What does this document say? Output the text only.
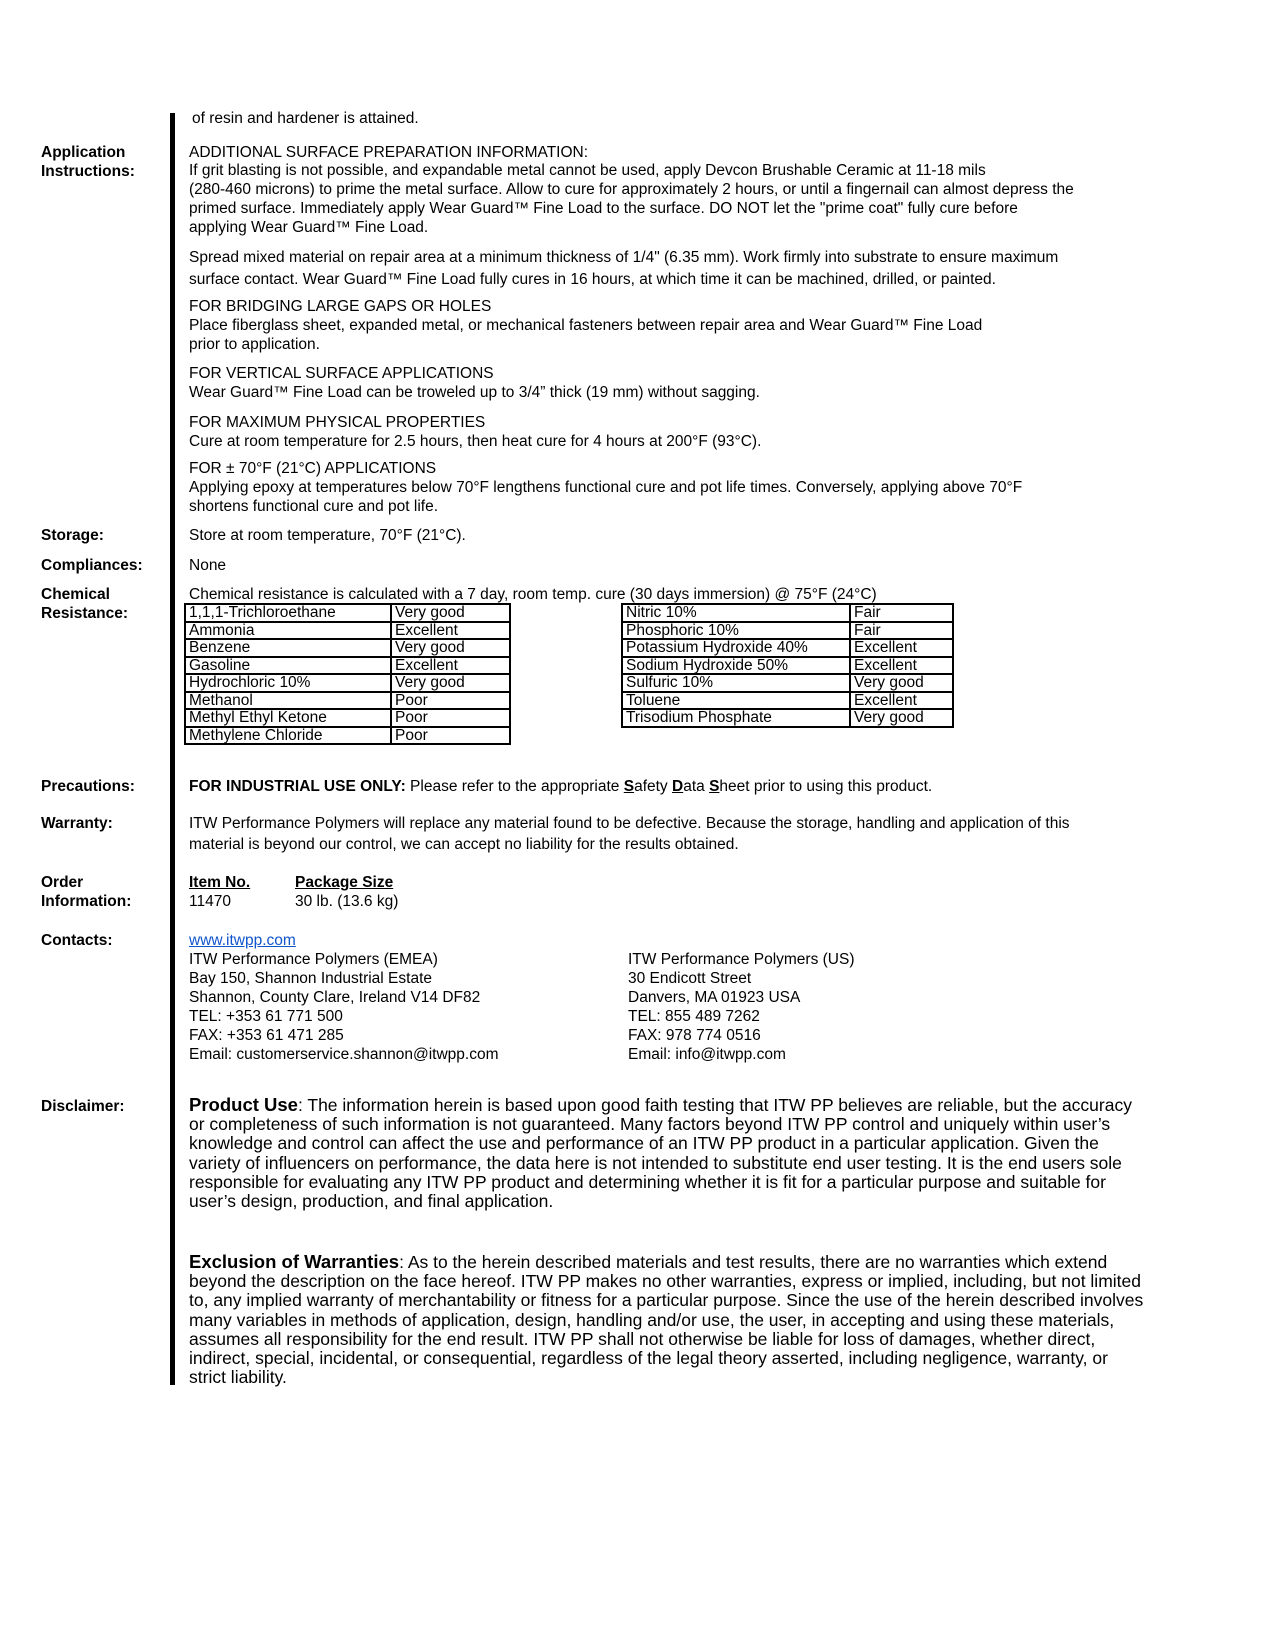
of resin and hardener is attained.
Application
Instructions:
ADDITIONAL SURFACE PREPARATION INFORMATION:
If grit blasting is not possible, and expandable metal cannot be used, apply Devcon Brushable Ceramic at 11-18 mils
(280-460 microns) to prime the metal surface. Allow to cure for approximately 2 hours, or until a fingernail can almost depress the
primed surface. Immediately apply Wear Guard™ Fine Load to the surface. DO NOT let the "prime coat" fully cure before
applying Wear Guard™ Fine Load.
Spread mixed material on repair area at a minimum thickness of 1/4" (6.35 mm). Work firmly into substrate to ensure maximum
surface contact. Wear Guard™ Fine Load fully cures in 16 hours, at which time it can be machined, drilled, or painted.
FOR BRIDGING LARGE GAPS OR HOLES
Place fiberglass sheet, expanded metal, or mechanical fasteners between repair area and Wear Guard™ Fine Load
prior to application.
FOR VERTICAL SURFACE APPLICATIONS
Wear Guard™ Fine Load can be troweled up to 3/4” thick (19 mm) without sagging.
FOR MAXIMUM PHYSICAL PROPERTIES
Cure at room temperature for 2.5 hours, then heat cure for 4 hours at 200°F (93°C).
FOR ± 70°F (21°C) APPLICATIONS
Applying epoxy at temperatures below 70°F lengthens functional cure and pot life times. Conversely, applying above 70°F
shortens functional cure and pot life.
Storage:	Store at room temperature, 70°F (21°C).
Compliances:	None
Chemical
Resistance:
Chemical resistance is calculated with a 7 day, room temp. cure (30 days immersion) @ 75°F (24°C)
1,1,1-Trichloroethane	Very good
Ammonia	Excellent
Benzene	Very good
Gasoline	Excellent
Hydrochloric 10%	Very good
Methanol	Poor
Methyl Ethyl Ketone	Poor
Methylene Chloride	Poor
Nitric 10%	Fair
Phosphoric 10%	Fair
Potassium Hydroxide 40%	Excellent
Sodium Hydroxide 50%	Excellent
Sulfuric 10%	Very good
Toluene	Excellent
Trisodium Phosphate	Very good
Precautions:	FOR INDUSTRIAL USE ONLY: Please refer to the appropriate Safety Data Sheet prior to using this product.
Warranty:	ITW Performance Polymers will replace any material found to be defective. Because the storage, handling and application of this
material is beyond our control, we can accept no liability for the results obtained.
Order
Information:
Item No.	Package Size
11470	30 lb. (13.6 kg)
Contacts:	www.itwpp.com
ITW Performance Polymers (EMEA)
Bay 150, Shannon Industrial Estate
Shannon, County Clare, Ireland V14 DF82
TEL: +353 61 771 500
FAX: +353 61 471 285
Email: customerservice.shannon@itwpp.com
ITW Performance Polymers (US)
30 Endicott Street
Danvers, MA 01923 USA
TEL: 855 489 7262
FAX: 978 774 0516
Email: info@itwpp.com
Disclaimer:	Product Use: The information herein is based upon good faith testing that ITW PP believes are reliable, but the accuracy or completeness of such information is not guaranteed. Many factors beyond ITW PP control and uniquely within user’s knowledge and control can affect the use and performance of an ITW PP product in a particular application. Given the variety of influencers on performance, the data here is not intended to substitute end user testing. It is the end users sole responsible for evaluating any ITW PP product and determining whether it is fit for a particular purpose and suitable for user’s design, production, and final application.
Exclusion of Warranties: As to the herein described materials and test results, there are no warranties which extend beyond the description on the face hereof. ITW PP makes no other warranties, express or implied, including, but not limited to, any implied warranty of merchantability or fitness for a particular purpose. Since the use of the herein described involves many variables in methods of application, design, handling and/or use, the user, in accepting and using these materials, assumes all responsibility for the end result. ITW PP shall not otherwise be liable for loss of damages, whether direct, indirect, special, incidental, or consequential, regardless of the legal theory asserted, including negligence, warranty, or strict liability.
